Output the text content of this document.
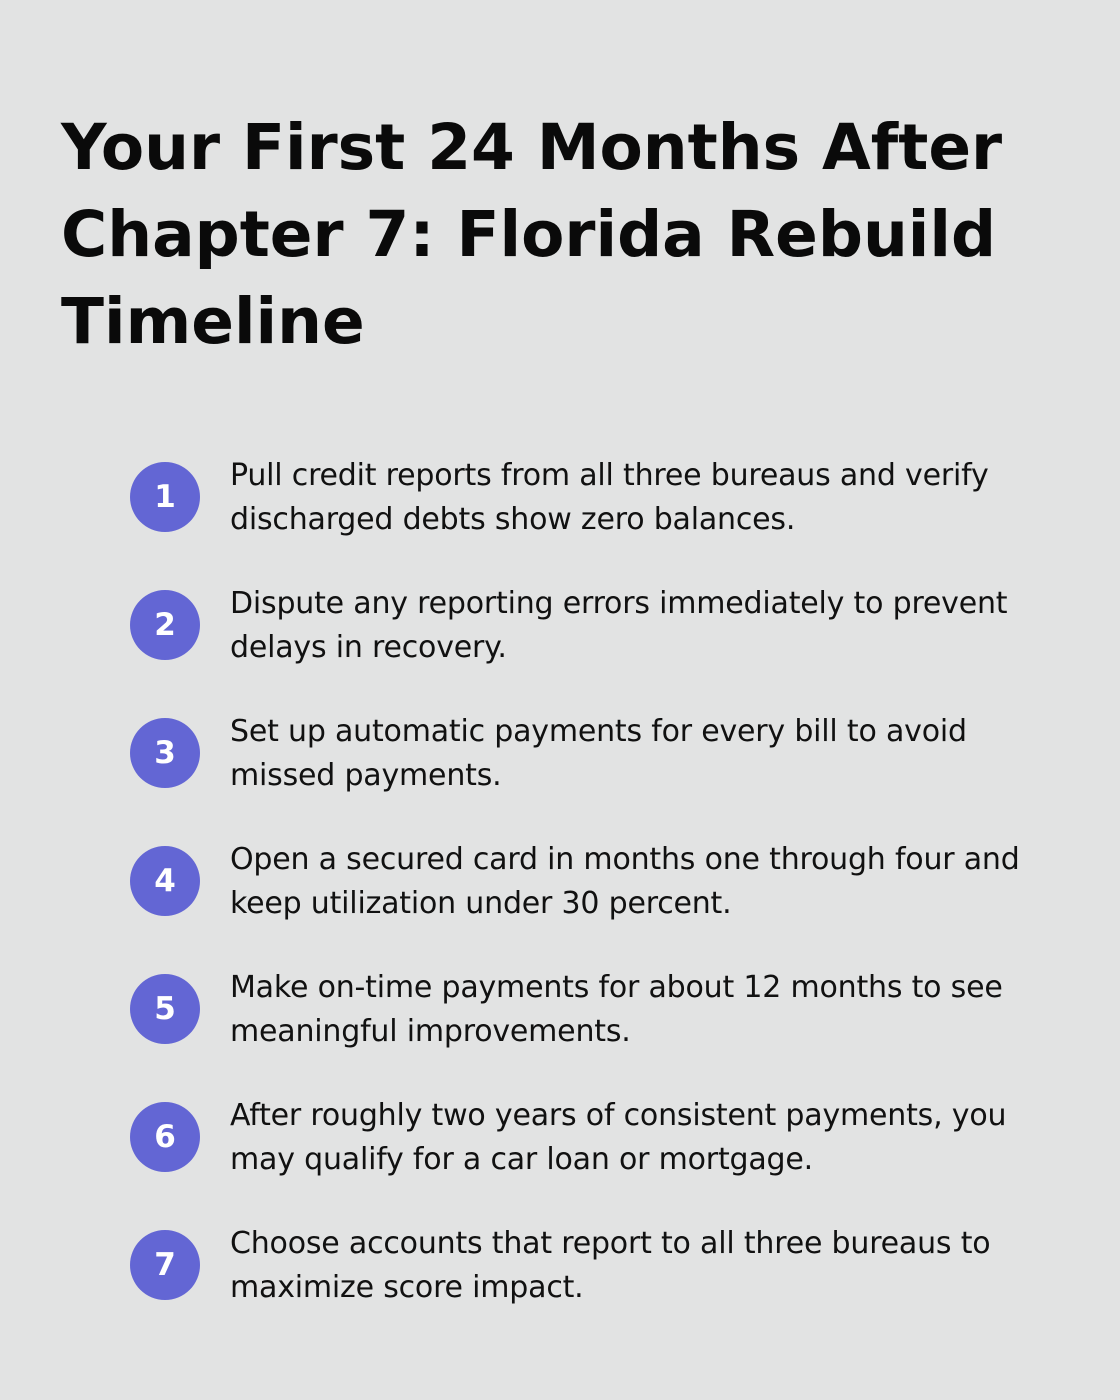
Your First 24 Months After Chapter 7: Florida Rebuild Timeline
1
Pull credit reports from all three bureaus and verify discharged debts show zero balances.
2
Dispute any reporting errors immediately to prevent delays in recovery.
3
Set up automatic payments for every bill to avoid missed payments.
4
Open a secured card in months one through four and keep utilization under 30 percent.
5
Make on-time payments for about 12 months to see meaningful improvements.
6
After roughly two years of consistent payments, you may qualify for a car loan or mortgage.
7
Choose accounts that report to all three bureaus to maximize score impact.
